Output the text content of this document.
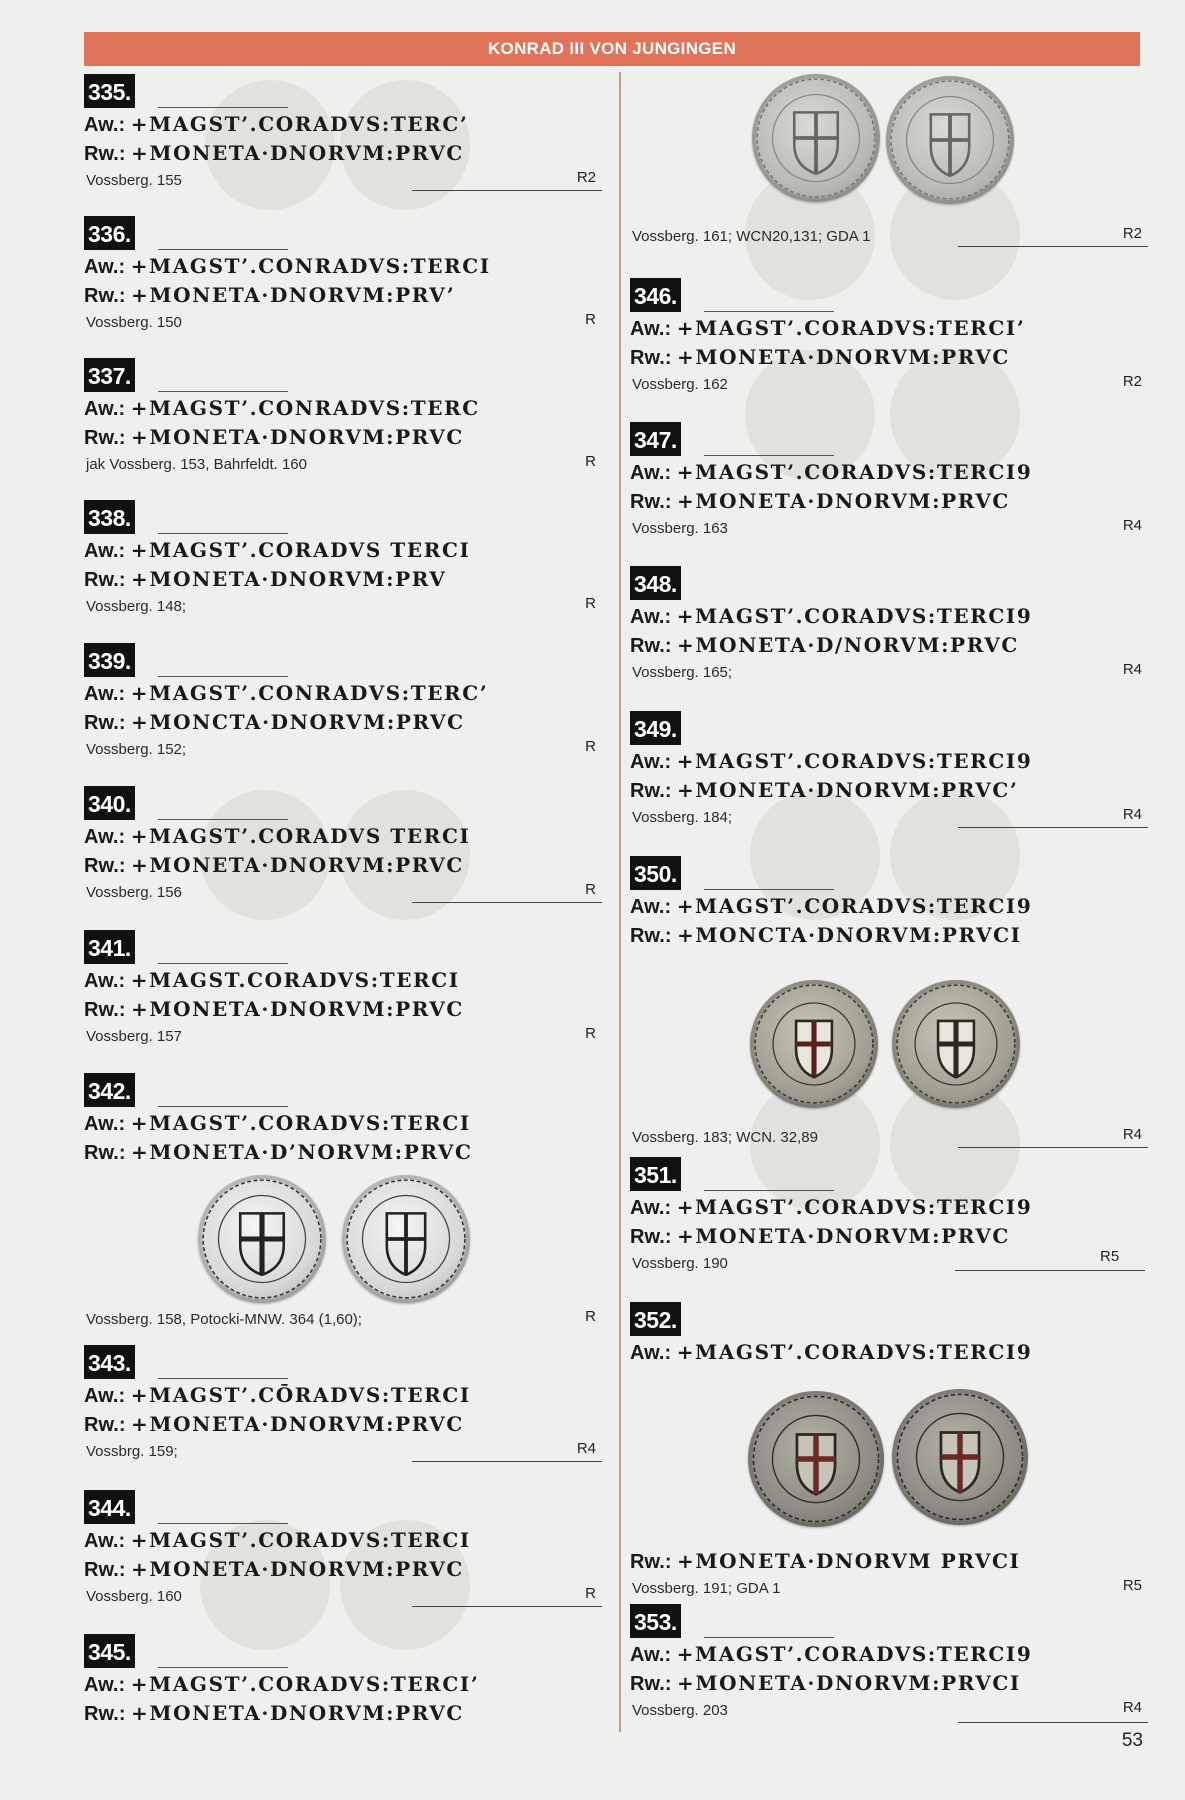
KONRAD III VON JUNGINGEN
335.
Aw.: +MAGST’.CORADVS:TERC’
Rw.: +MONETA·DNORVM:PRVC
Vossberg. 155	R2
336.
Aw.: +MAGST’.CONRADVS:TERCI
Rw.: +MONETA·DNORVM:PRV’
Vossberg. 150	R
337.
Aw.: +MAGST’.CONRADVS:TERC
Rw.: +MONETA·DNORVM:PRVC
jak Vossberg. 153, Bahrfeldt. 160	R
338.
Aw.: +MAGST’.CORADVS TERCI
Rw.: +MONETA·DNORVM:PRV
Vossberg. 148;	R
339.
Aw.: +MAGST’.CONRADVS:TERC’
Rw.: +MONCTA·DNORVM:PRVC
Vossberg. 152;	R
340.
Aw.: +MAGST’.CORADVS TERCI
Rw.: +MONETA·DNORVM:PRVC
Vossberg. 156	R
341.
Aw.: +MAGST.CORADVS:TERCI
Rw.: +MONETA·DNORVM:PRVC
Vossberg. 157	R
342.
Aw.: +MAGST’.CORADVS:TERCI
Rw.: +MONETA·D’NORVM:PRVC
Vossberg. 158, Potocki-MNW. 364 (1,60);	R
343.
Aw.: +MAGST’.CŌRADVS:TERCI
Rw.: +MONETA·DNORVM:PRVC
Vossbrg. 159;	R4
344.
Aw.: +MAGST’.CORADVS:TERCI
Rw.: +MONETA·DNORVM:PRVC
Vossberg. 160	R
345.
Aw.: +MAGST’.CORADVS:TERCI’
Rw.: +MONETA·DNORVM:PRVC
Vossberg. 161; WCN20,131; GDA 1	R2
346.
Aw.: +MAGST’.CORADVS:TERCI’
Rw.: +MONETA·DNORVM:PRVC
Vossberg. 162	R2
347.
Aw.: +MAGST’.CORADVS:TERCI9
Rw.: +MONETA·DNORVM:PRVC
Vossberg. 163	R4
348.
Aw.: +MAGST’.CORADVS:TERCI9
Rw.: +MONETA·D/NORVM:PRVC
Vossberg. 165;	R4
349.
Aw.: +MAGST’.CORADVS:TERCI9
Rw.: +MONETA·DNORVM:PRVC’
Vossberg. 184;	R4
350.
Aw.: +MAGST’.CORADVS:TERCI9
Rw.: +MONCTA·DNORVM:PRVCI
Vossberg. 183; WCN. 32,89	R4
351.
Aw.: +MAGST’.CORADVS:TERCI9
Rw.: +MONETA·DNORVM:PRVC
Vossberg. 190	R5
352.
Aw.: +MAGST’.CORADVS:TERCI9
Rw.: +MONETA·DNORVM PRVCI
Vossberg. 191; GDA 1	R5
353.
Aw.: +MAGST’.CORADVS:TERCI9
Rw.: +MONETA·DNORVM:PRVCI
Vossberg. 203	R4
53
